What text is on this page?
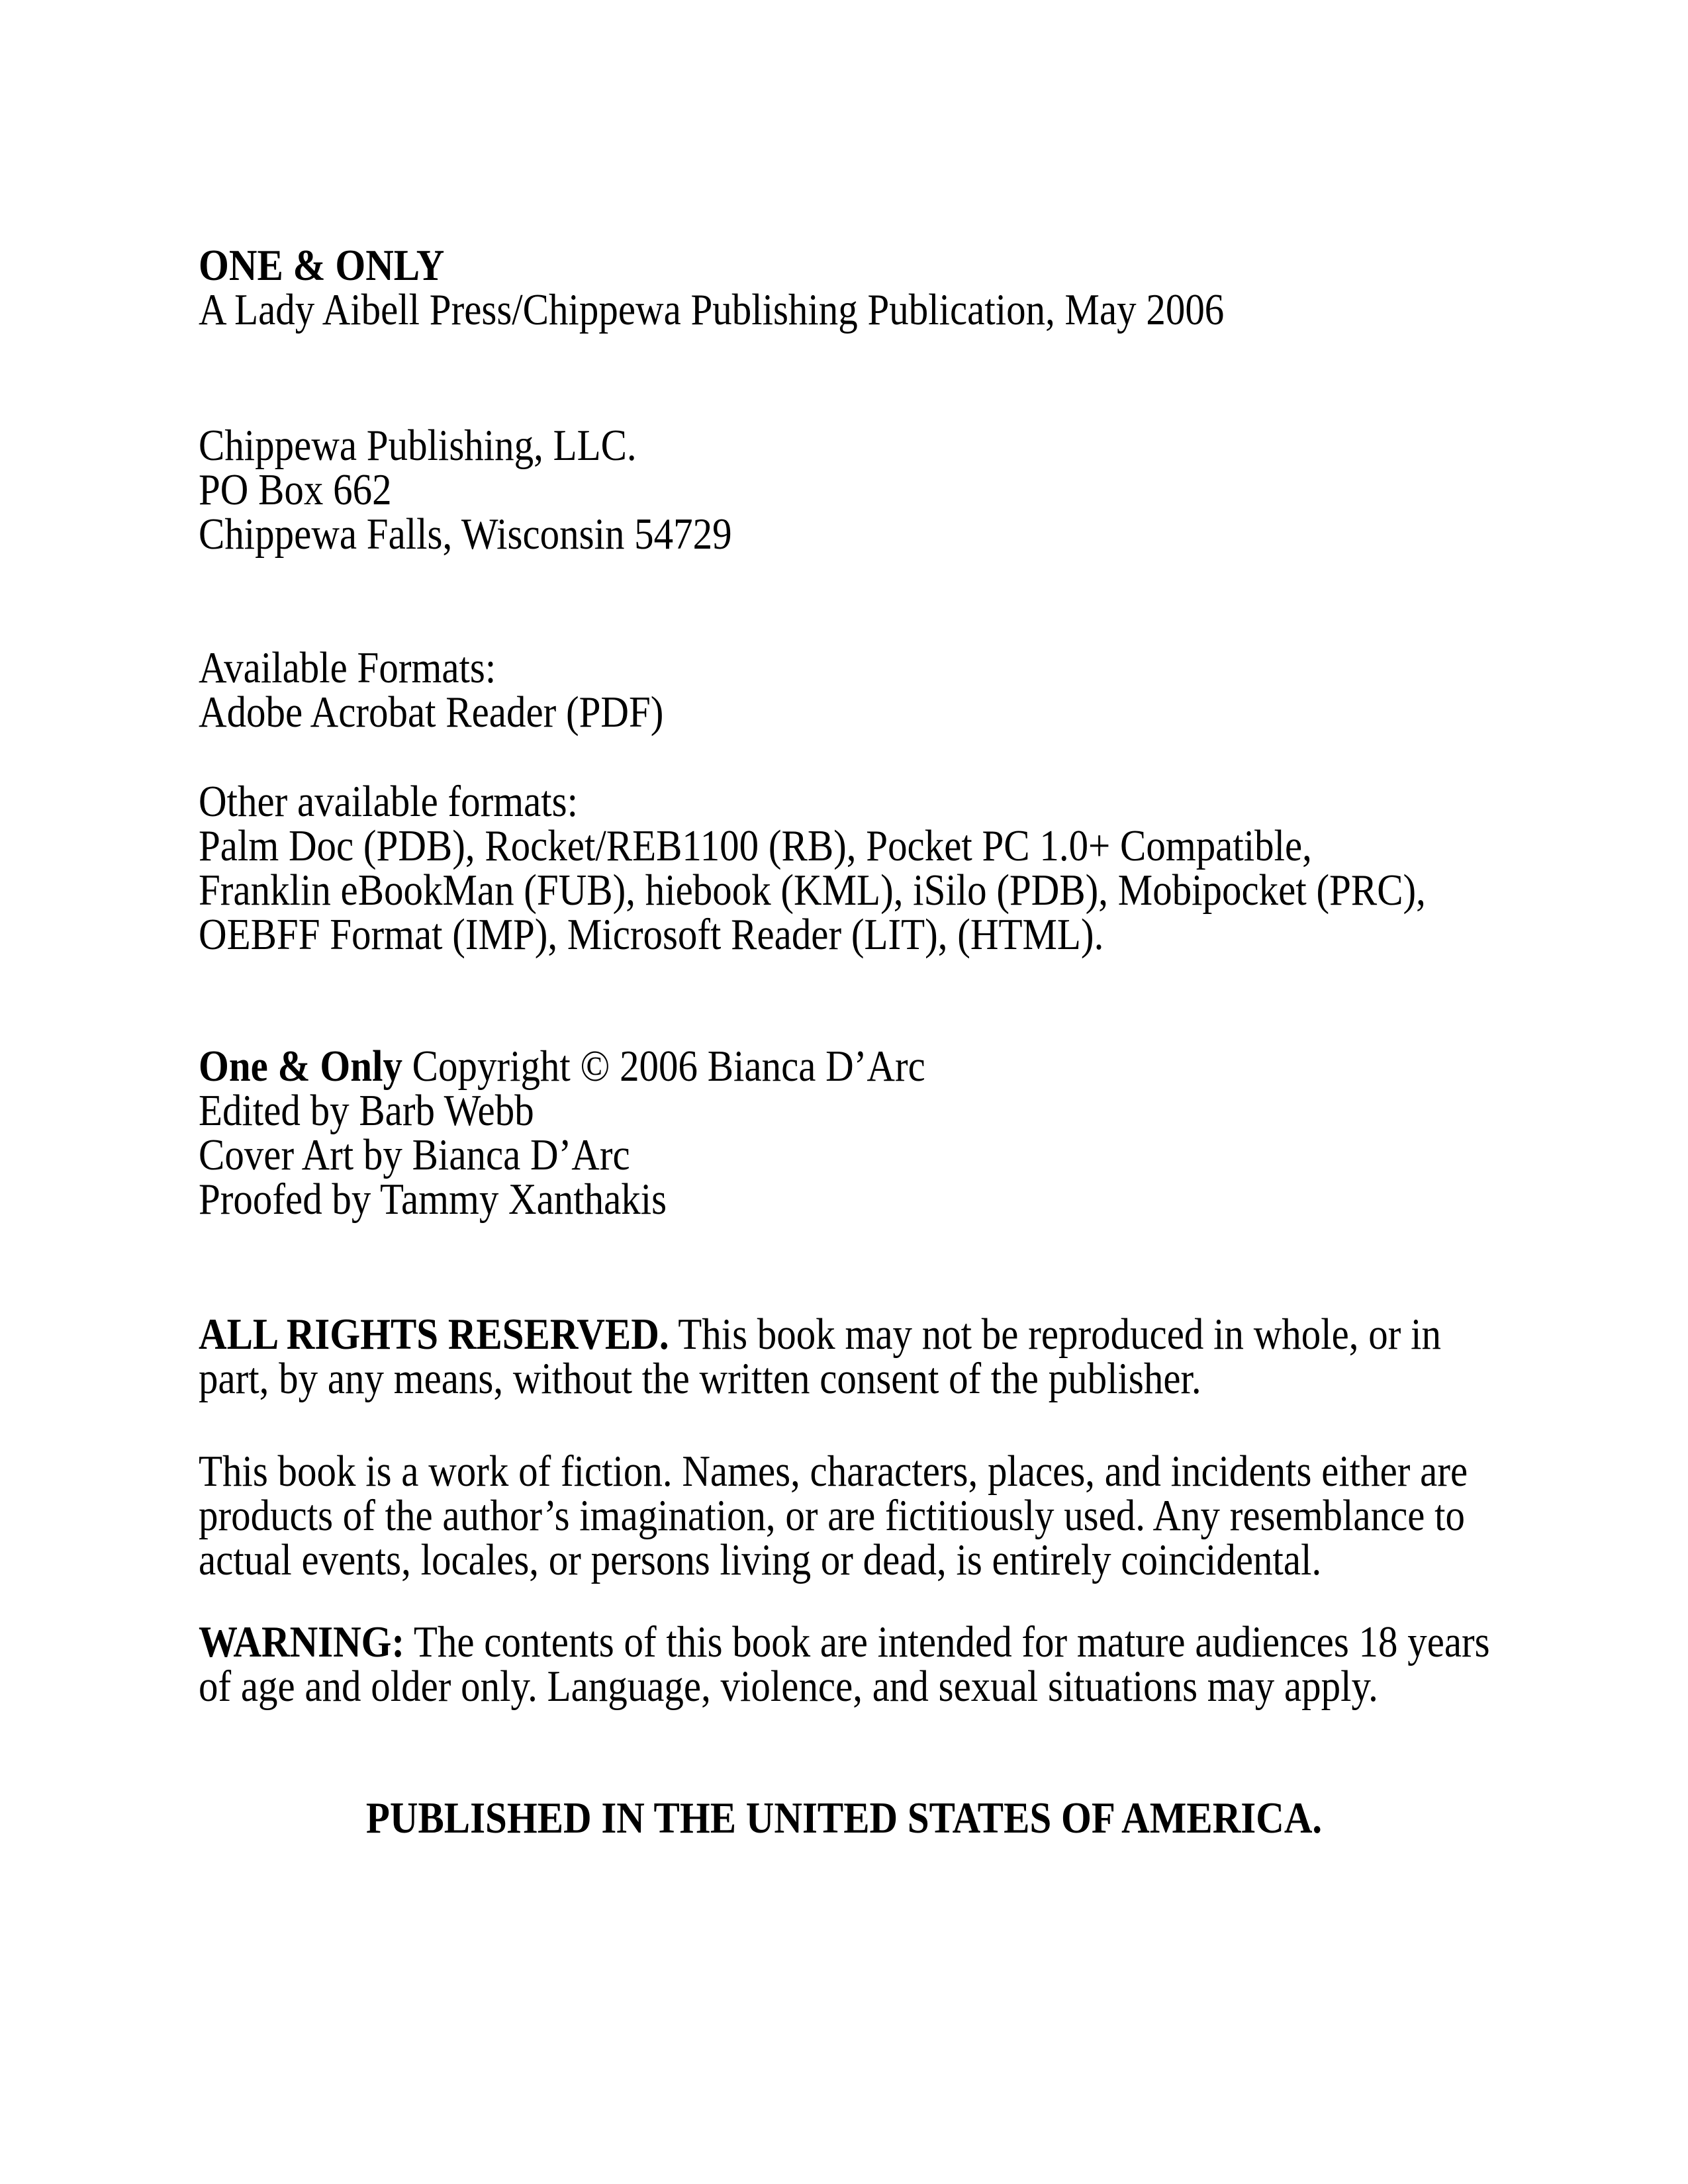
ONE & ONLY
A Lady Aibell Press/Chippewa Publishing Publication, May 2006
Chippewa Publishing, LLC.
PO Box 662
Chippewa Falls, Wisconsin 54729
Available Formats:
Adobe Acrobat Reader (PDF)
Other available formats:
Palm Doc (PDB), Rocket/REB1100 (RB), Pocket PC 1.0+ Compatible,
Franklin eBookMan (FUB), hiebook (KML), iSilo (PDB), Mobipocket (PRC),
OEBFF Format (IMP), Microsoft Reader (LIT), (HTML).
One & Only Copyright © 2006 Bianca D’Arc
Edited by Barb Webb
Cover Art by Bianca D’Arc
Proofed by Tammy Xanthakis
ALL RIGHTS RESERVED. This book may not be reproduced in whole, or in
part, by any means, without the written consent of the publisher.
This book is a work of fiction. Names, characters, places, and incidents either are
products of the author’s imagination, or are fictitiously used. Any resemblance to
actual events, locales, or persons living or dead, is entirely coincidental.
WARNING: The contents of this book are intended for mature audiences 18 years
of age and older only. Language, violence, and sexual situations may apply.
PUBLISHED IN THE UNITED STATES OF AMERICA.
